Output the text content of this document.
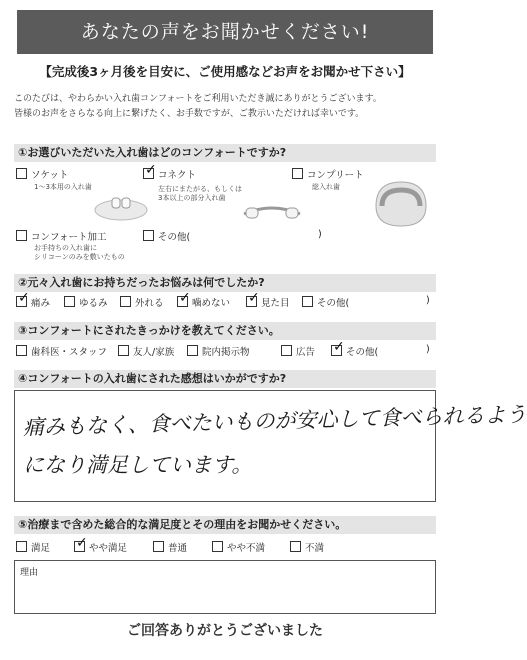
あなたの声をお聞かせください!
【完成後3ヶ月後を目安に、ご使用感などお声をお聞かせ下さい】
このたびは、やわらかい入れ歯コンフォートをご利用いただき誠にありがとうございます。
皆様のお声をさらなる向上に繋げたく、お手数ですが、ご教示いただければ幸いです。
①お選びいただいた入れ歯はどのコンフォートですか?
ソケット
1～3本用の入れ歯
✓ コネクト
左右にまたがる、もしくは
3本以上の部分入れ歯
コンプリート
総入れ歯
コンフォート加工
お手持ちの入れ歯に
シリコーンのみを敷いたもの
その他(	)
②元々入れ歯にお持ちだったお悩みは何でしたか?
✓ 痛み	ゆるみ	外れる ✓ 噛めない ✓ 見た目	その他(	)
③コンフォートにされたきっかけを教えてください。
歯科医・スタッフ	友人/家族	院内掲示物	広告 ✓ その他(	)
④コンフォートの入れ歯にされた感想はいかがですか?
痛みもなく、食べたいものが安心して食べられるよう
になり満足しています。
⑤治療まで含めた総合的な満足度とその理由をお聞かせください。
満足 ✓ やや満足	普通	やや不満	不満
理由
ご回答ありがとうございました
